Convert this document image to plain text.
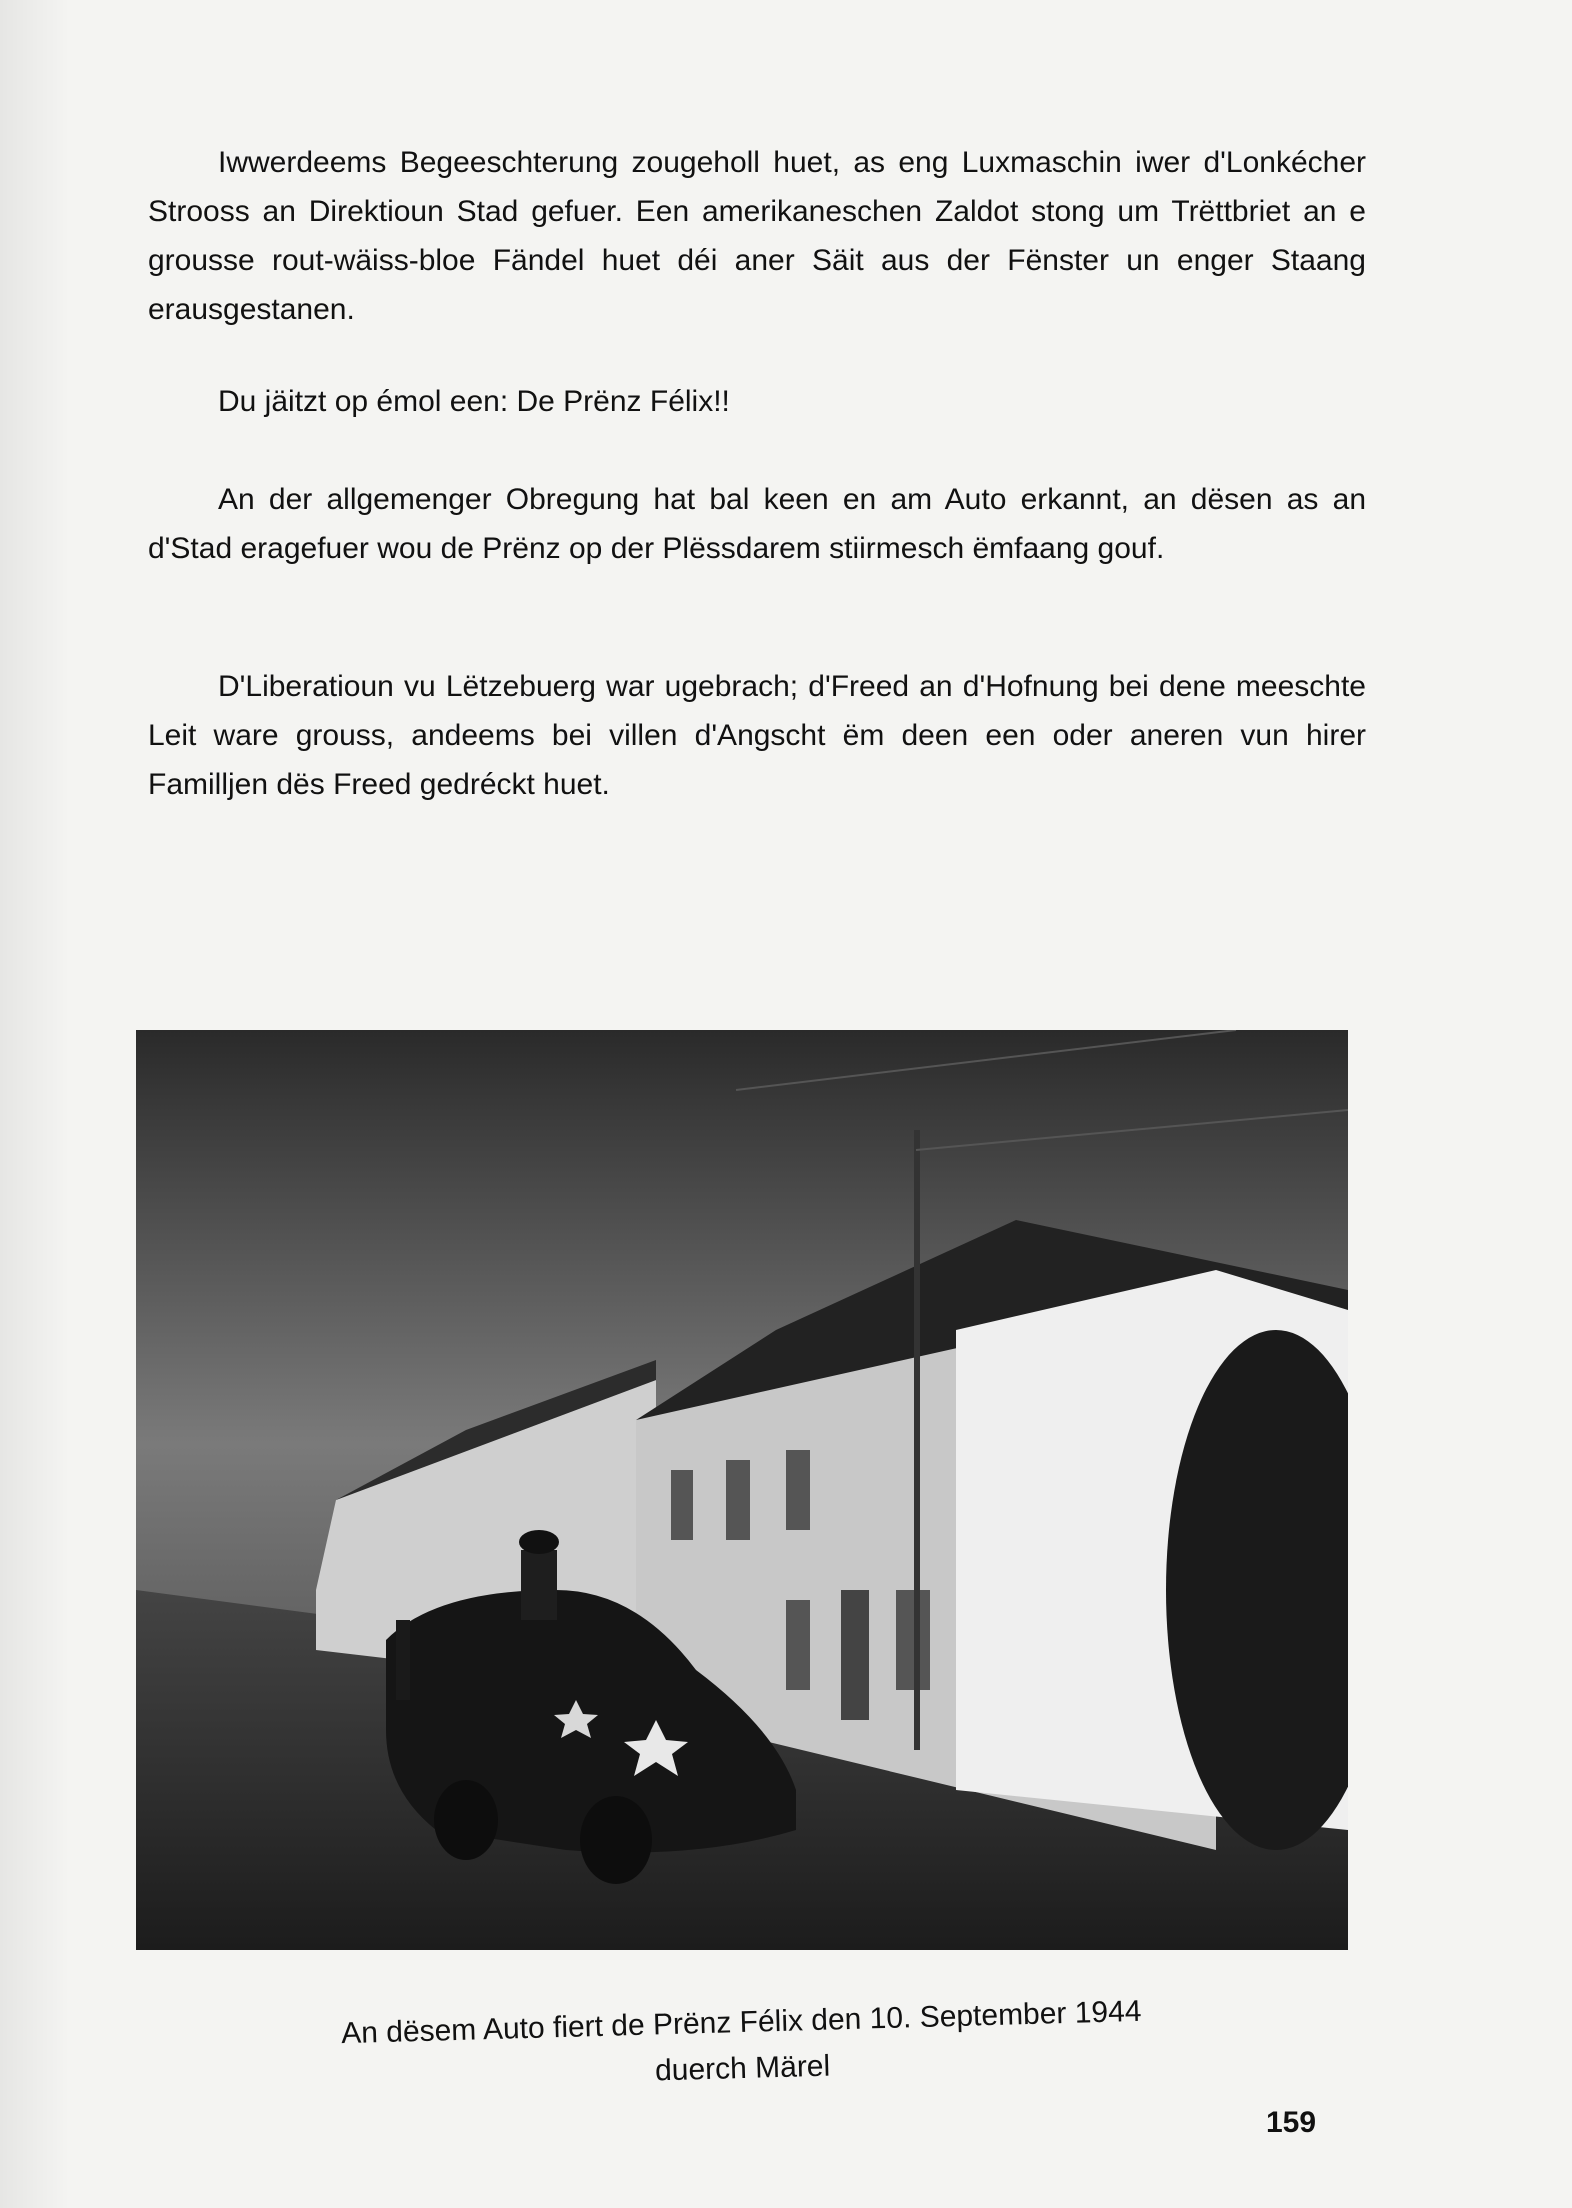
Iwwerdeems Begeeschterung zougeholl huet, as eng Luxmaschin iwer d'Lonkécher Strooss an Direktioun Stad gefuer. Een amerikaneschen Zaldot stong um Trëttbriet an e grousse rout-wäiss-bloe Fändel huet déi aner Säit aus der Fënster un enger Staang erausgestanen.

Du jäitzt op émol een: De Prënz Félix!!

An der allgemenger Obregung hat bal keen en am Auto erkannt, an dësen as an d'Stad eragefuer wou de Prënz op der Plëssdarem stiirmesch ëmfaang gouf.

D'Liberatioun vu Lëtzebuerg war ugebrach; d'Freed an d'Hofnung bei dene meeschte Leit ware grouss, andeems bei villen d'Angscht ëm deen een oder aneren vun hirer Familljen dës Freed gedréckt huet.

An dësem Auto fiert de Prënz Félix den 10. September 1944
duerch Märel
159
